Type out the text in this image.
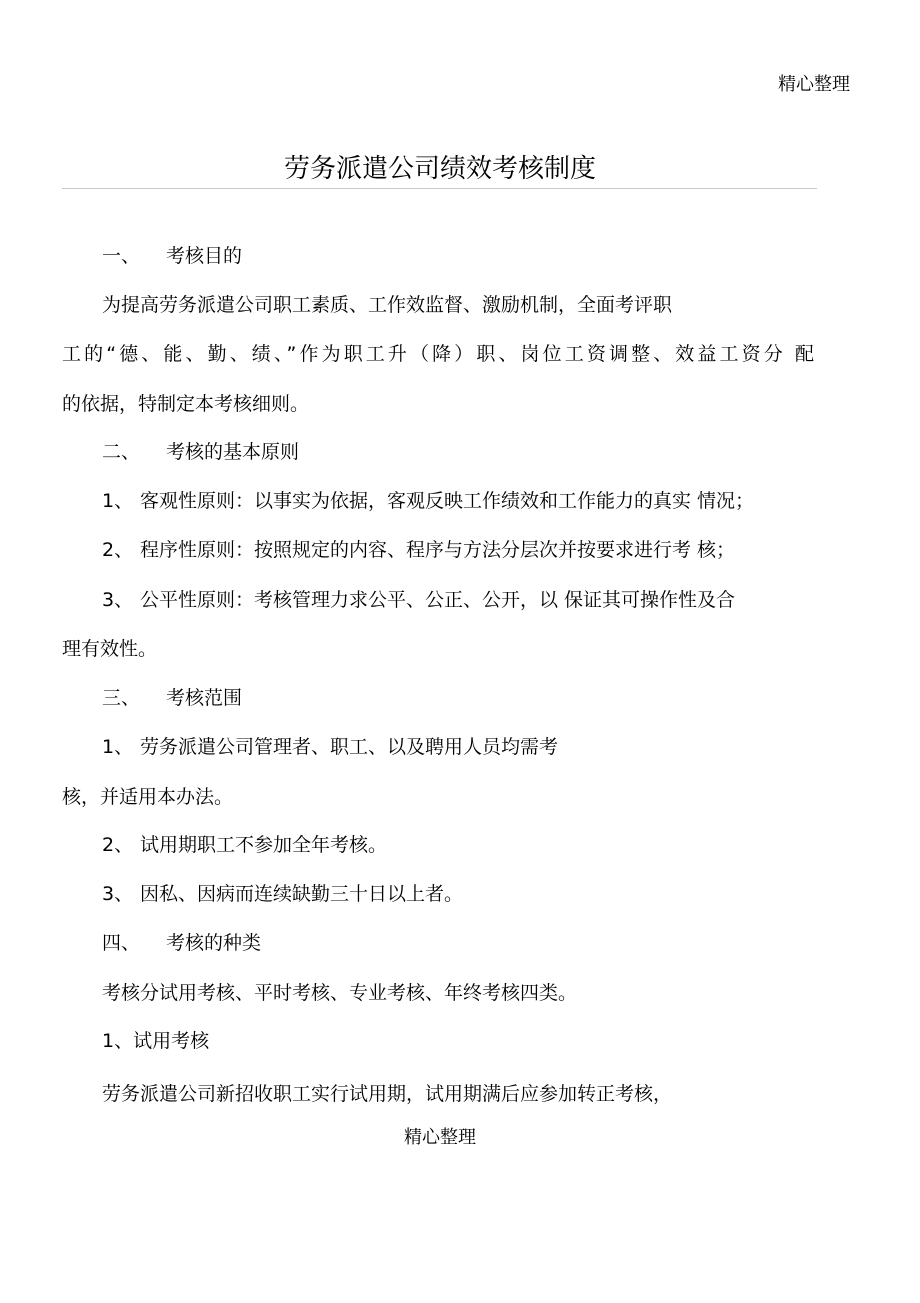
精心整理
劳务派遣公司绩效考核制度
一、 考核目的
为提高劳务派遣公司职工素质、工作效监督、激励机制，全面考评职
工的“德、能、勤、绩、”作为职工升（降）职、岗位工资调整、效益工资分 配
的依据，特制定本考核细则。
二、 考核的基本原则
1、 客观性原则：以事实为依据，客观反映工作绩效和工作能力的真实 情况；
2、 程序性原则：按照规定的内容、程序与方法分层次并按要求进行考 核；
3、 公平性原则：考核管理力求公平、公正、公开，以 保证其可操作性及合
理有效性。
三、 考核范围
1、 劳务派遣公司管理者、职工、以及聘用人员均需考
核，并适用本办法。
2、 试用期职工不参加全年考核。
3、 因私、因病而连续缺勤三十日以上者。
四、 考核的种类
考核分试用考核、平时考核、专业考核、年终考核四类。
1、试用考核
劳务派遣公司新招收职工实行试用期，试用期满后应参加转正考核，
精心整理
